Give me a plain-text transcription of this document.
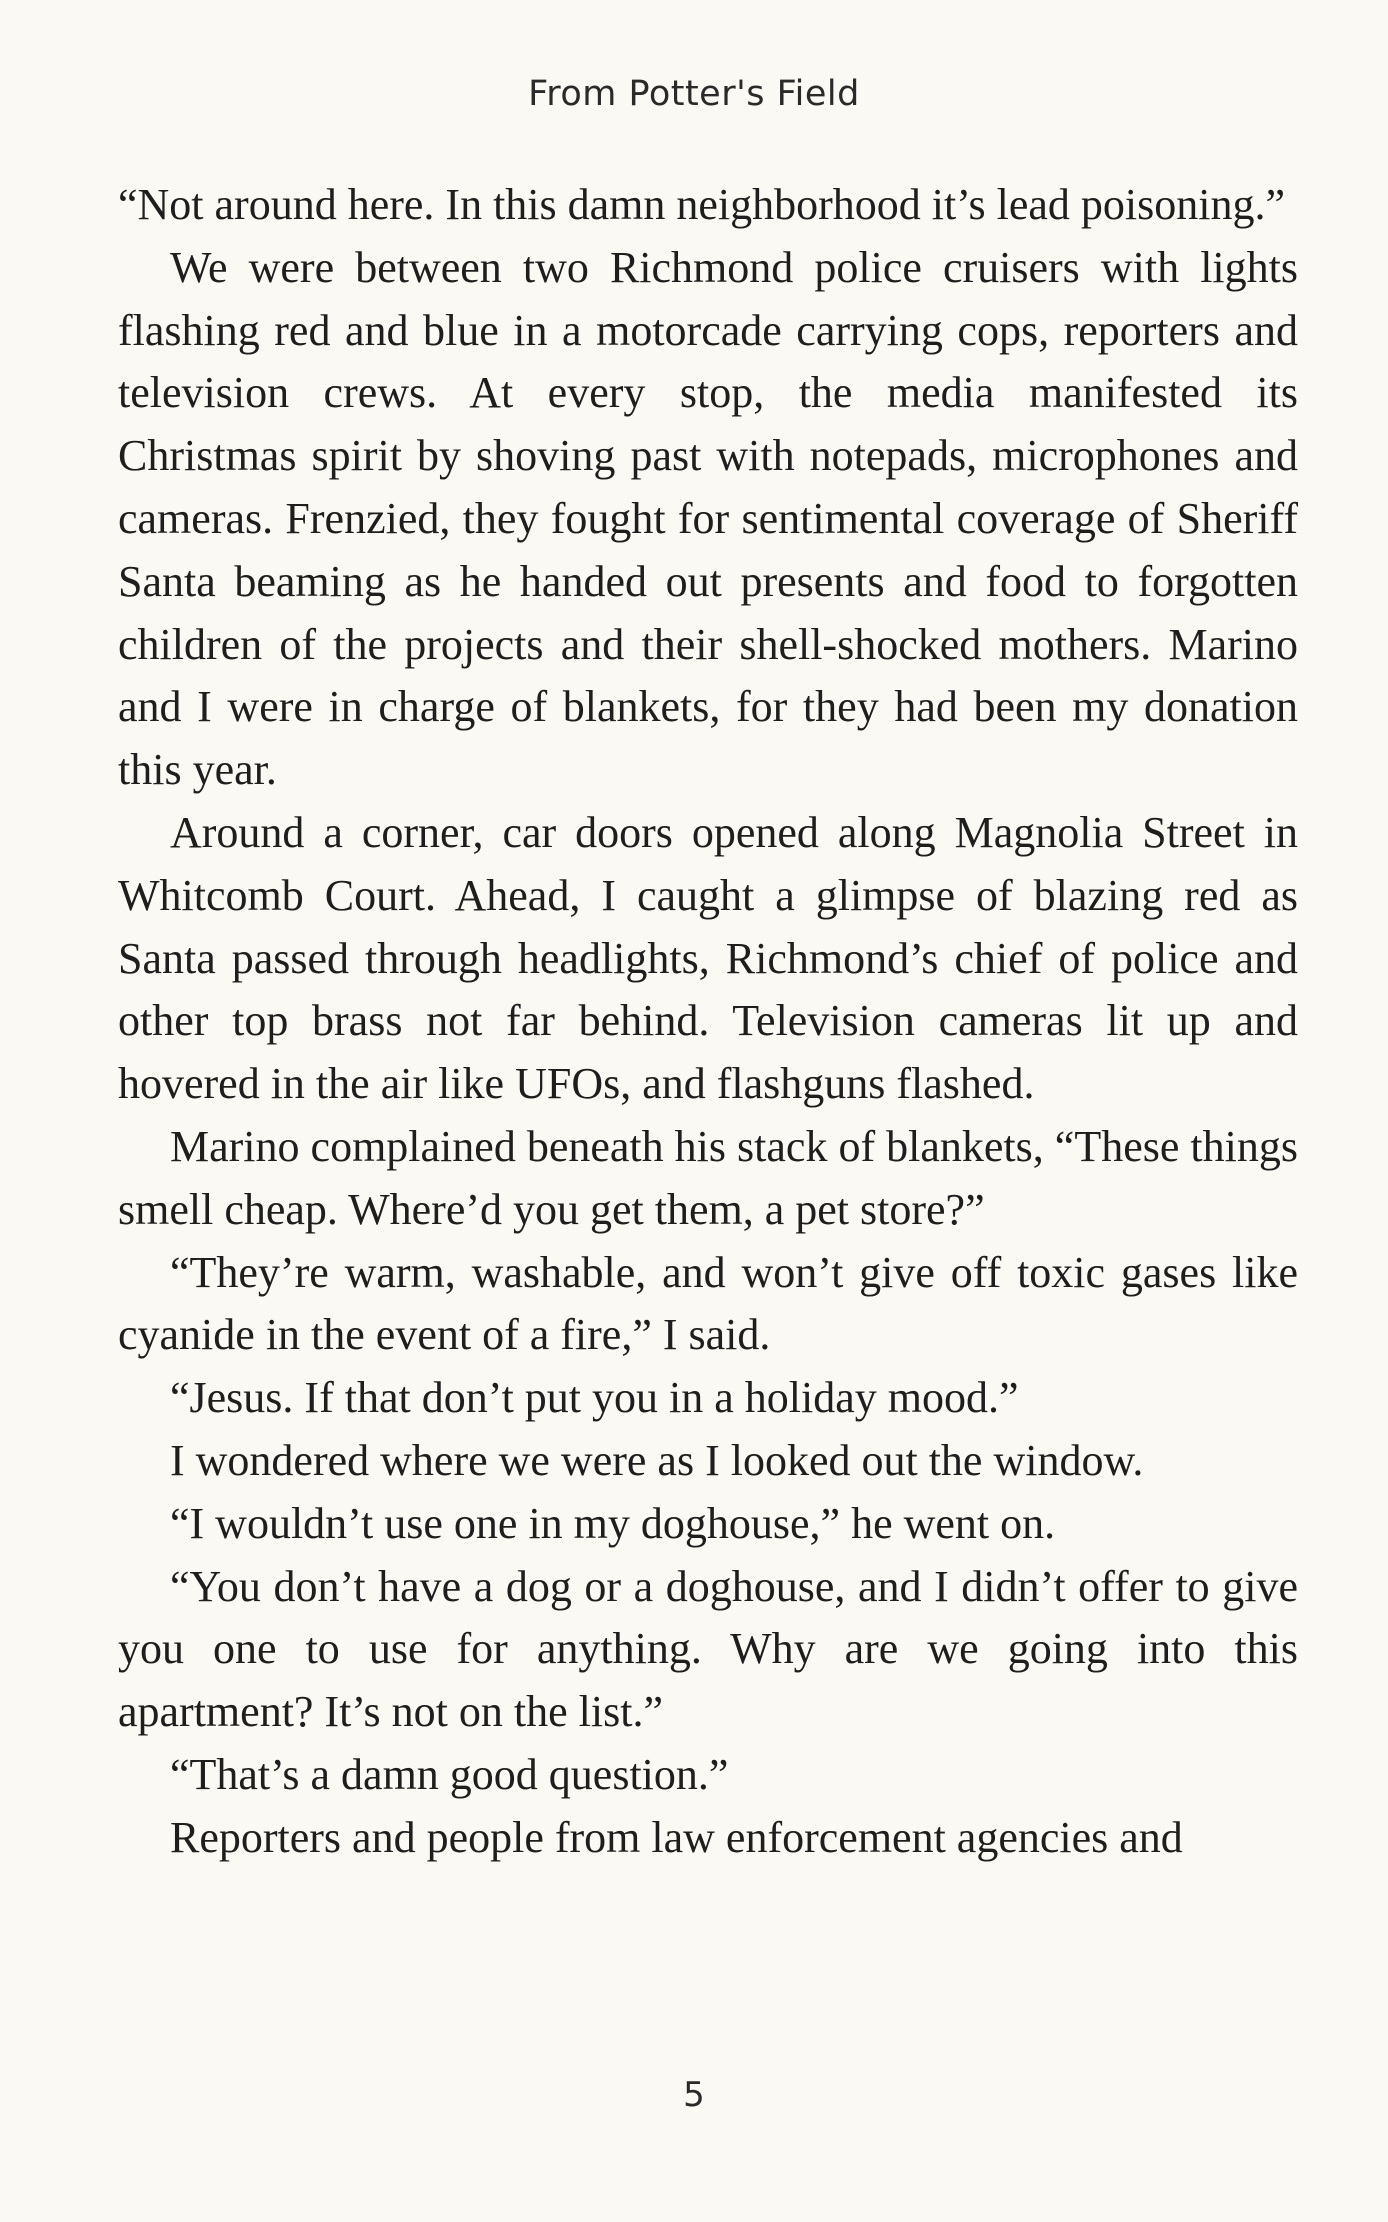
From Potter's Field

“Not around here. In this damn neighborhood it’s lead poisoning.”

We were between two Richmond police cruisers with lights flashing red and blue in a motorcade carrying cops, reporters and television crews. At every stop, the media manifested its Christmas spirit by shoving past with notepads, microphones and cameras. Frenzied, they fought for sentimental coverage of Sheriff Santa beaming as he handed out presents and food to forgotten children of the projects and their shell-shocked mothers. Marino and I were in charge of blankets, for they had been my donation this year.

Around a corner, car doors opened along Magnolia Street in Whitcomb Court. Ahead, I caught a glimpse of blazing red as Santa passed through headlights, Richmond’s chief of police and other top brass not far behind. Television cameras lit up and hovered in the air like UFOs, and flashguns flashed.

Marino complained beneath his stack of blankets, “These things smell cheap. Where’d you get them, a pet store?”

“They’re warm, washable, and won’t give off toxic gases like cyanide in the event of a fire,” I said.

“Jesus. If that don’t put you in a holiday mood.”

I wondered where we were as I looked out the window.

“I wouldn’t use one in my doghouse,” he went on.

“You don’t have a dog or a doghouse, and I didn’t offer to give you one to use for anything. Why are we going into this apartment? It’s not on the list.”

“That’s a damn good question.”

Reporters and people from law enforcement agencies and

5
